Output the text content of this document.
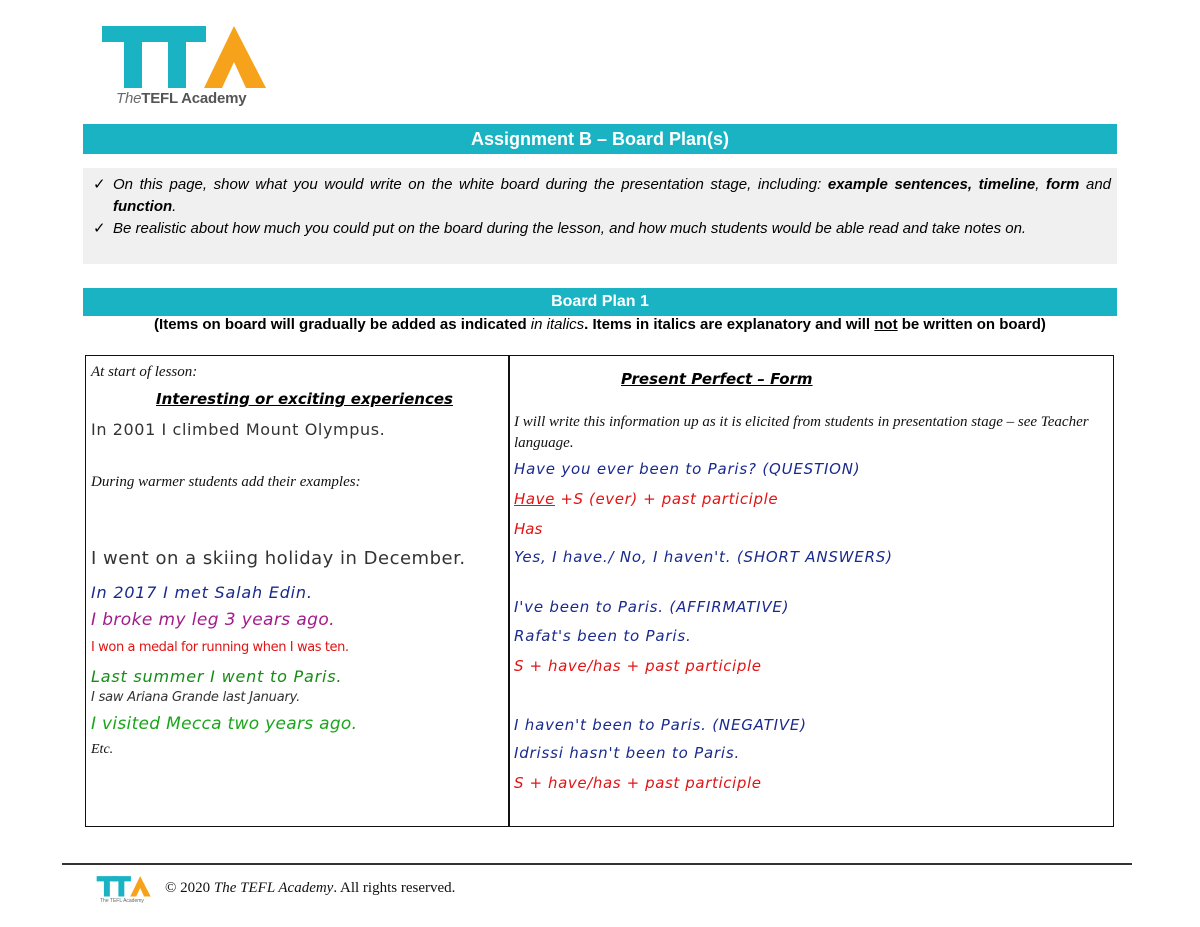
TheTEFL Academy
Assignment B – Board Plan(s)
✓ On this page, show what you would write on the white board during the presentation stage, including: example sentences, timeline, form and function.
✓ Be realistic about how much you could put on the board during the lesson, and how much students would be able read and take notes on.
Board Plan 1
(Items on board will gradually be added as indicated in italics. Items in italics are explanatory and will not be written on board)
At start of lesson:
Interesting or exciting experiences
In 2001 I climbed Mount Olympus.
During warmer students add their examples:
I went on a skiing holiday in December.
In 2017 I met Salah Edin.
I broke my leg 3 years ago.
I won a medal for running when I was ten.
Last summer I went to Paris.
I saw Ariana Grande last January.
I visited Mecca two years ago.
Etc.
Present Perfect – Form
I will write this information up as it is elicited from students in presentation stage – see Teacher language.
Have you ever been to Paris? (QUESTION)
Have +S (ever) + past participle
Has
Yes, I have./ No, I haven't. (SHORT ANSWERS)
I've been to Paris. (AFFIRMATIVE)
Rafat's been to Paris.
S + have/has + past participle
I haven't been to Paris. (NEGATIVE)
Idrissi hasn't been to Paris.
S + have/has + past participle
The TEFL Academy
© 2020 The TEFL Academy. All rights reserved.
